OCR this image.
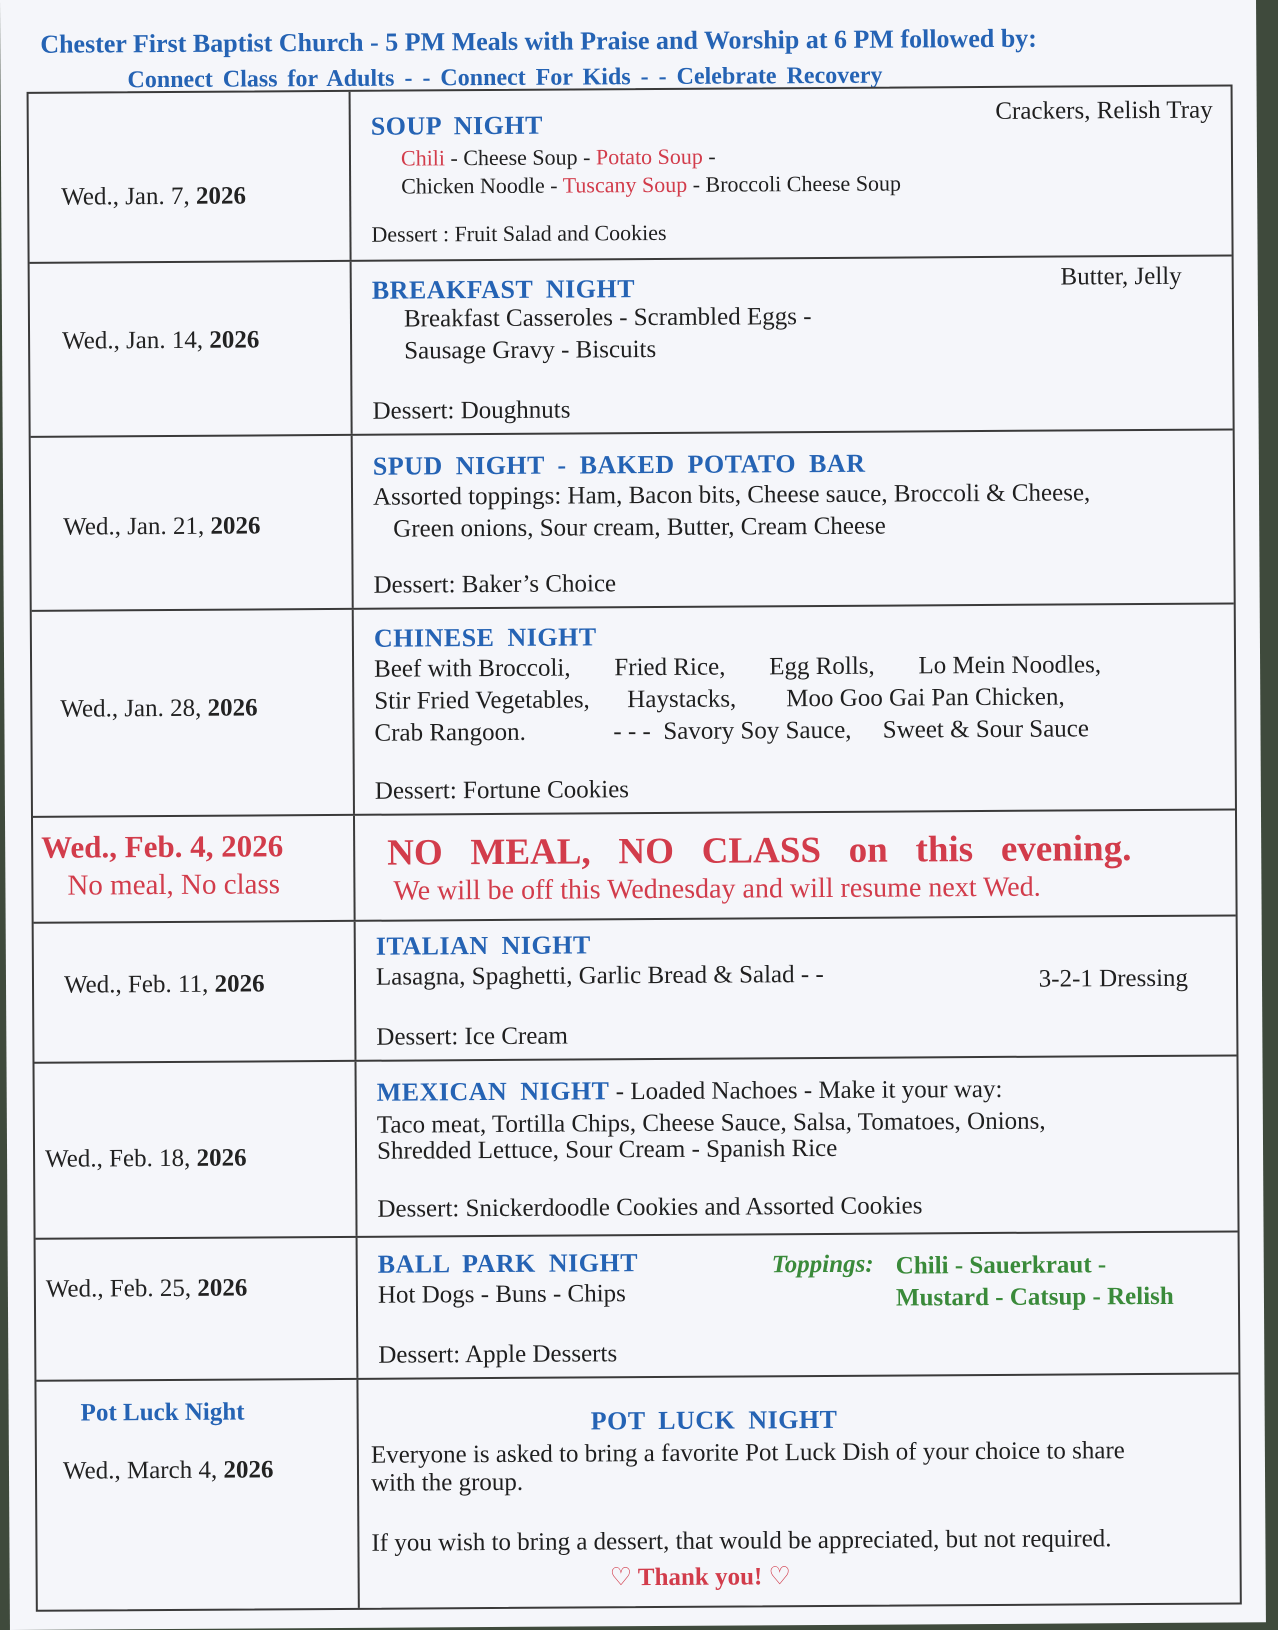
Chester First Baptist Church - 5 PM Meals with Praise and Worship at 6 PM followed by:
Connect Class for Adults - - Connect For Kids - - Celebrate Recovery
Wed., Jan. 7, 2026
SOUP NIGHT	Crackers, Relish Tray
Chili - Cheese Soup - Potato Soup -
Chicken Noodle - Tuscany Soup - Broccoli Cheese Soup
Dessert : Fruit Salad and Cookies
Wed., Jan. 14, 2026
BREAKFAST NIGHT	Butter, Jelly
Breakfast Casseroles - Scrambled Eggs -
Sausage Gravy - Biscuits
Dessert: Doughnuts
Wed., Jan. 21, 2026
SPUD NIGHT - BAKED POTATO BAR
Assorted toppings: Ham, Bacon bits, Cheese sauce, Broccoli & Cheese,
Green onions, Sour cream, Butter, Cream Cheese
Dessert: Baker’s Choice
Wed., Jan. 28, 2026
CHINESE NIGHT
Beef with Broccoli,       Fried Rice,       Egg Rolls,       Lo Mein Noodles,
Stir Fried Vegetables,      Haystacks,        Moo Goo Gai Pan Chicken,
Crab Rangoon.              - - -  Savory Soy Sauce,     Sweet & Sour Sauce
Dessert: Fortune Cookies
Wed., Feb. 4, 2026
No meal, No class
NO   MEAL,   NO   CLASS   on   this   evening.
We will be off this Wednesday and will resume next Wed.
Wed., Feb. 11, 2026
ITALIAN NIGHT
Lasagna, Spaghetti, Garlic Bread & Salad - -	3-2-1 Dressing
Dessert: Ice Cream
Wed., Feb. 18, 2026
MEXICAN NIGHT - Loaded Nachoes - Make it your way:
Taco meat, Tortilla Chips, Cheese Sauce, Salsa, Tomatoes, Onions,
Shredded Lettuce, Sour Cream - Spanish Rice
Dessert: Snickerdoodle Cookies and Assorted Cookies
Wed., Feb. 25, 2026
BALL PARK NIGHT
Hot Dogs - Buns - Chips
Toppings: Chili - Sauerkraut -
Mustard - Catsup - Relish
Dessert: Apple Desserts
Pot Luck Night
Wed., March 4, 2026
POT LUCK NIGHT
Everyone is asked to bring a favorite Pot Luck Dish of your choice to share
with the group.
If you wish to bring a dessert, that would be appreciated, but not required.
♡ Thank you! ♡
